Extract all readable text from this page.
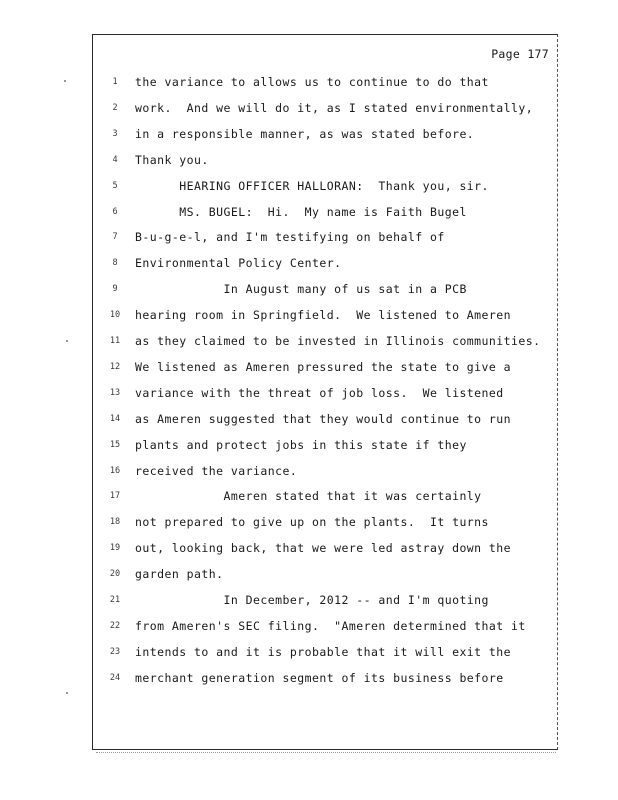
Page 177
1	the variance to allows us to continue to do that
2	work.  And we will do it, as I stated environmentally,
3	in a responsible manner, as was stated before.
4	Thank you.
5	HEARING OFFICER HALLORAN:  Thank you, sir.
6	MS. BUGEL:  Hi.  My name is Faith Bugel
7	B-u-g-e-l, and I'm testifying on behalf of
8	Environmental Policy Center.
9	In August many of us sat in a PCB
10	hearing room in Springfield.  We listened to Ameren
11	as they claimed to be invested in Illinois communities.
12	We listened as Ameren pressured the state to give a
13	variance with the threat of job loss.  We listened
14	as Ameren suggested that they would continue to run
15	plants and protect jobs in this state if they
16	received the variance.
17	Ameren stated that it was certainly
18	not prepared to give up on the plants.  It turns
19	out, looking back, that we were led astray down the
20	garden path.
21	In December, 2012 -- and I'm quoting
22	from Ameren's SEC filing.  "Ameren determined that it
23	intends to and it is probable that it will exit the
24	merchant generation segment of its business before
